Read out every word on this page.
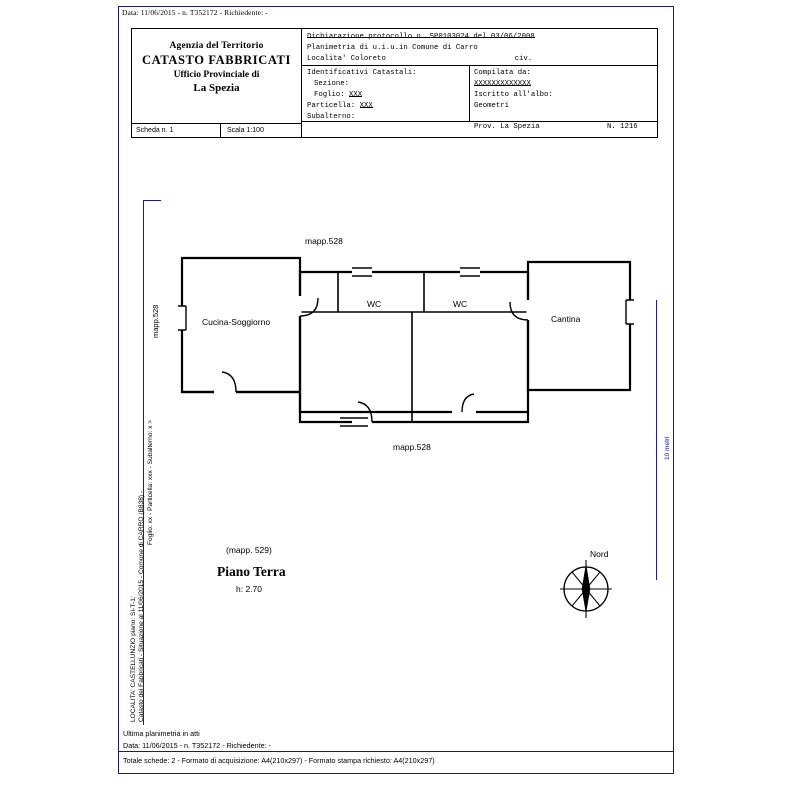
Data: 11/06/2015 - n. T352172 - Richiedente: -
Agenzia del Territorio
CATASTO FABBRICATI
Ufficio Provinciale di
La Spezia
Scheda n. 1	Scala 1:100
Dichiarazione protocollo n. SP0103024 del 03/06/2008
Planimetria di u.i.u.in Comune di Carro
Localita' Coloreto	civ.
Identificativi Catastali:
Sezione:
Foglio: XXX
Particella: XXX
Subalterno:
Compilata da:
XXXXXXXXXXXXX
Iscritto all'albo:
Geometri
Prov. La Spezia	N. 1216
10 metri
Foglio: xx - Particella: xxx - Subalterno: x >
Catasto dei Fabbricati - Situazione al 11/06/2015 - Comune di CARRO (B838) -
LOCALITA' CASTELLUNZIO piano: SI-T-1;
mapp.528
mapp.528
mapp.528
Cucina-Soggiorno
WC	WC
Cantina
(mapp. 529)
Piano Terra
h: 2.70
Nord
Ultima planimetria in atti
Data: 11/06/2015 - n. T352172 - Richiedente: -
Totale schede: 2 - Formato di acquisizione: A4(210x297) - Formato stampa richiesto: A4(210x297)
